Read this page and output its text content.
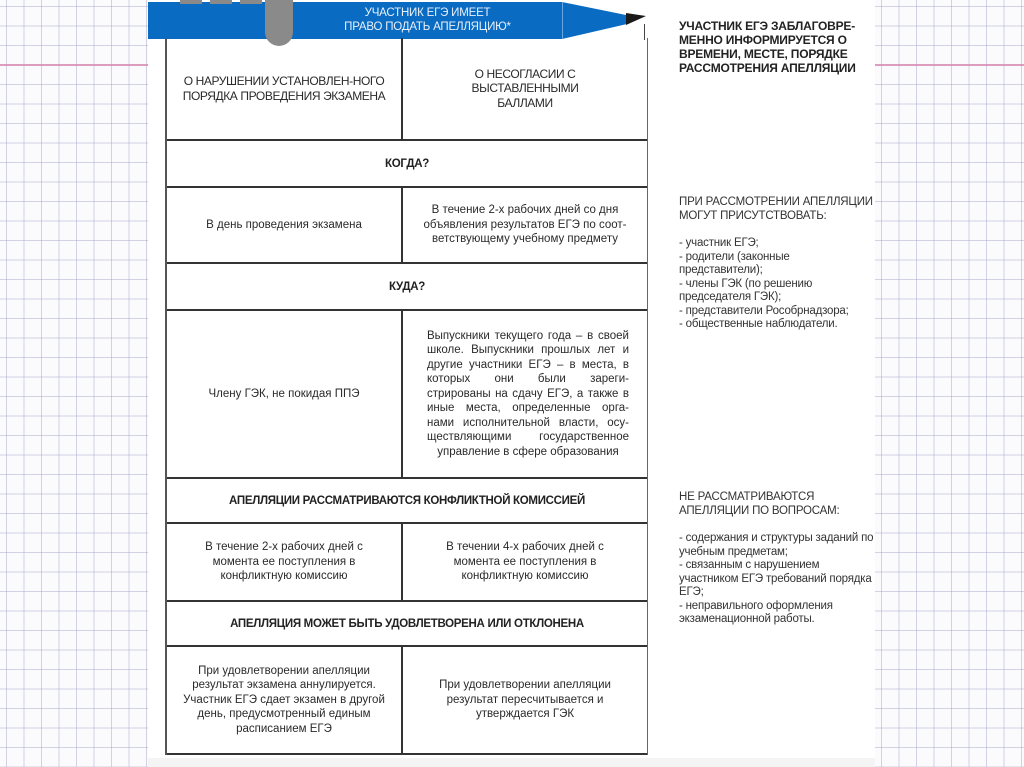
УЧАСТНИК ЕГЭ ИМЕЕТ
ПРАВО ПОДАТЬ АПЕЛЛЯЦИЮ*
О НАРУШЕНИИ УСТАНОВЛЕН-НОГО ПОРЯДКА ПРОВЕДЕНИЯ ЭКЗАМЕНА
О НЕСОГЛАСИИ С ВЫСТАВЛЕННЫМИ БАЛЛАМИ
КОГДА?
В день проведения экзамена
В течение 2-х рабочих дней со дня объявления результатов ЕГЭ по соот-ветствующему учебному предмету
КУДА?
Члену ГЭК, не покидая ППЭ
Выпускники текущего года – в своей школе. Выпускники прошлых лет и другие участники ЕГЭ – в места, в которых они были зареги-стрированы на сдачу ЕГЭ, а также в иные места, определенные орга-нами исполнительной власти, осу-ществляющими государственное управление в сфере образования
АПЕЛЛЯЦИИ РАССМАТРИВАЮТСЯ КОНФЛИКТНОЙ КОМИССИЕЙ
В течение 2-х рабочих дней с момента ее поступления в конфликтную комиссию
В течении 4-х рабочих дней с момента ее поступления в конфликтную комиссию
АПЕЛЛЯЦИЯ МОЖЕТ БЫТЬ УДОВЛЕТВОРЕНА ИЛИ ОТКЛОНЕНА
При удовлетворении апелляции результат экзамена аннулируется. Участник ЕГЭ сдает экзамен в другой день, предусмотренный единым расписанием ЕГЭ
При удовлетворении апелляции результат пересчитывается и утверждается ГЭК
УЧАСТНИК ЕГЭ ЗАБЛАГОВРЕ-МЕННО ИНФОРМИРУЕТСЯ О ВРЕМЕНИ, МЕСТЕ, ПОРЯДКЕ РАССМОТРЕНИЯ АПЕЛЛЯЦИИ
ПРИ РАССМОТРЕНИИ АПЕЛЛЯЦИИ МОГУТ ПРИСУТСТВОВАТЬ:
- участник ЕГЭ;
- родители (законные представители);
- члены ГЭК (по решению председателя ГЭК);
- представители Рособрнадзора;
- общественные наблюдатели.
НЕ РАССМАТРИВАЮТСЯ АПЕЛЛЯЦИИ ПО ВОПРОСАМ:
- содержания и структуры заданий по учебным предметам;
- связанным с нарушением участником ЕГЭ требований порядка ЕГЭ;
- неправильного оформления экзаменационной работы.
